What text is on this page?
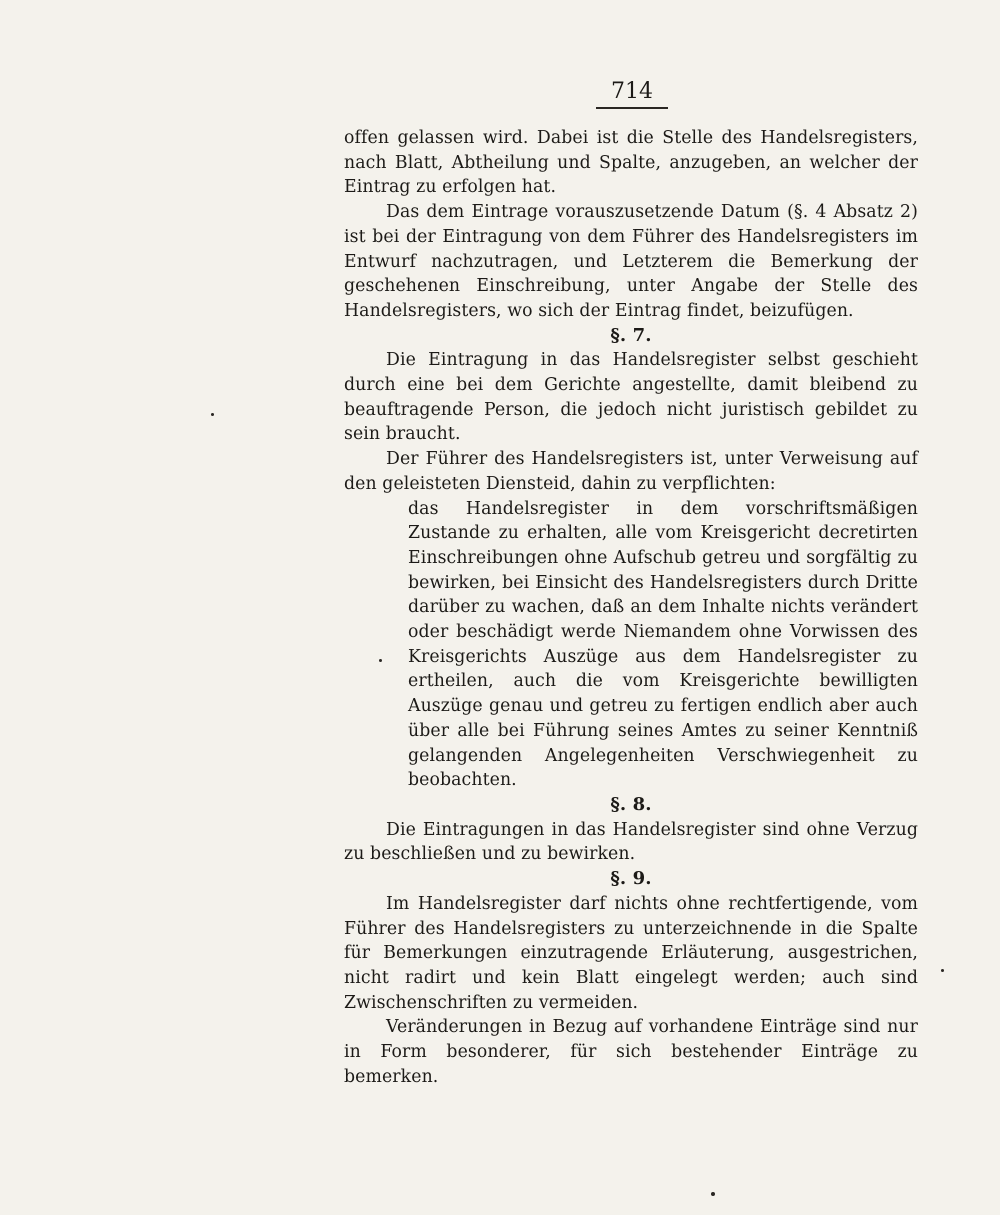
714

offen gelassen wird. Dabei ist die Stelle des Handelsregisters, nach Blatt, Abtheilung und Spalte, anzugeben, an welcher der Eintrag zu erfolgen hat.

Das dem Eintrage vorauszusetzende Datum (§. 4 Absatz 2) ist bei der Eintragung von dem Führer des Handelsregisters im Entwurf nachzutragen, und Letzterem die Bemerkung der geschehenen Einschreibung, unter Angabe der Stelle des Handelsregisters, wo sich der Eintrag findet, beizufügen.

§. 7.

Die Eintragung in das Handelsregister selbst geschieht durch eine bei dem Gerichte angestellte, damit bleibend zu beauftragende Person, die jedoch nicht juristisch gebildet zu sein braucht.

Der Führer des Handelsregisters ist, unter Verweisung auf den geleisteten Diensteid, dahin zu verpflichten:

das Handelsregister in dem vorschriftsmäßigen Zustande zu erhalten, alle vom Kreisgericht decretirten Einschreibungen ohne Aufschub getreu und sorgfältig zu bewirken, bei Einsicht des Handelsregisters durch Dritte darüber zu wachen, daß an dem Inhalte nichts verändert oder beschädigt werde Niemandem ohne Vorwissen des Kreisgerichts Auszüge aus dem Handelsregister zu ertheilen, auch die vom Kreisgerichte bewilligten Auszüge genau und getreu zu fertigen endlich aber auch über alle bei Führung seines Amtes zu seiner Kenntniß gelangenden Angelegenheiten Verschwiegenheit zu beobachten.

§. 8.

Die Eintragungen in das Handelsregister sind ohne Verzug zu beschließen und zu bewirken.

§. 9.

Im Handelsregister darf nichts ohne rechtfertigende, vom Führer des Handelsregisters zu unterzeichnende in die Spalte für Bemerkungen einzutragende Erläuterung, ausgestrichen, nicht radirt und kein Blatt eingelegt werden; auch sind Zwischenschriften zu vermeiden.

Veränderungen in Bezug auf vorhandene Einträge sind nur in Form besonderer, für sich bestehender Einträge zu bemerken.
